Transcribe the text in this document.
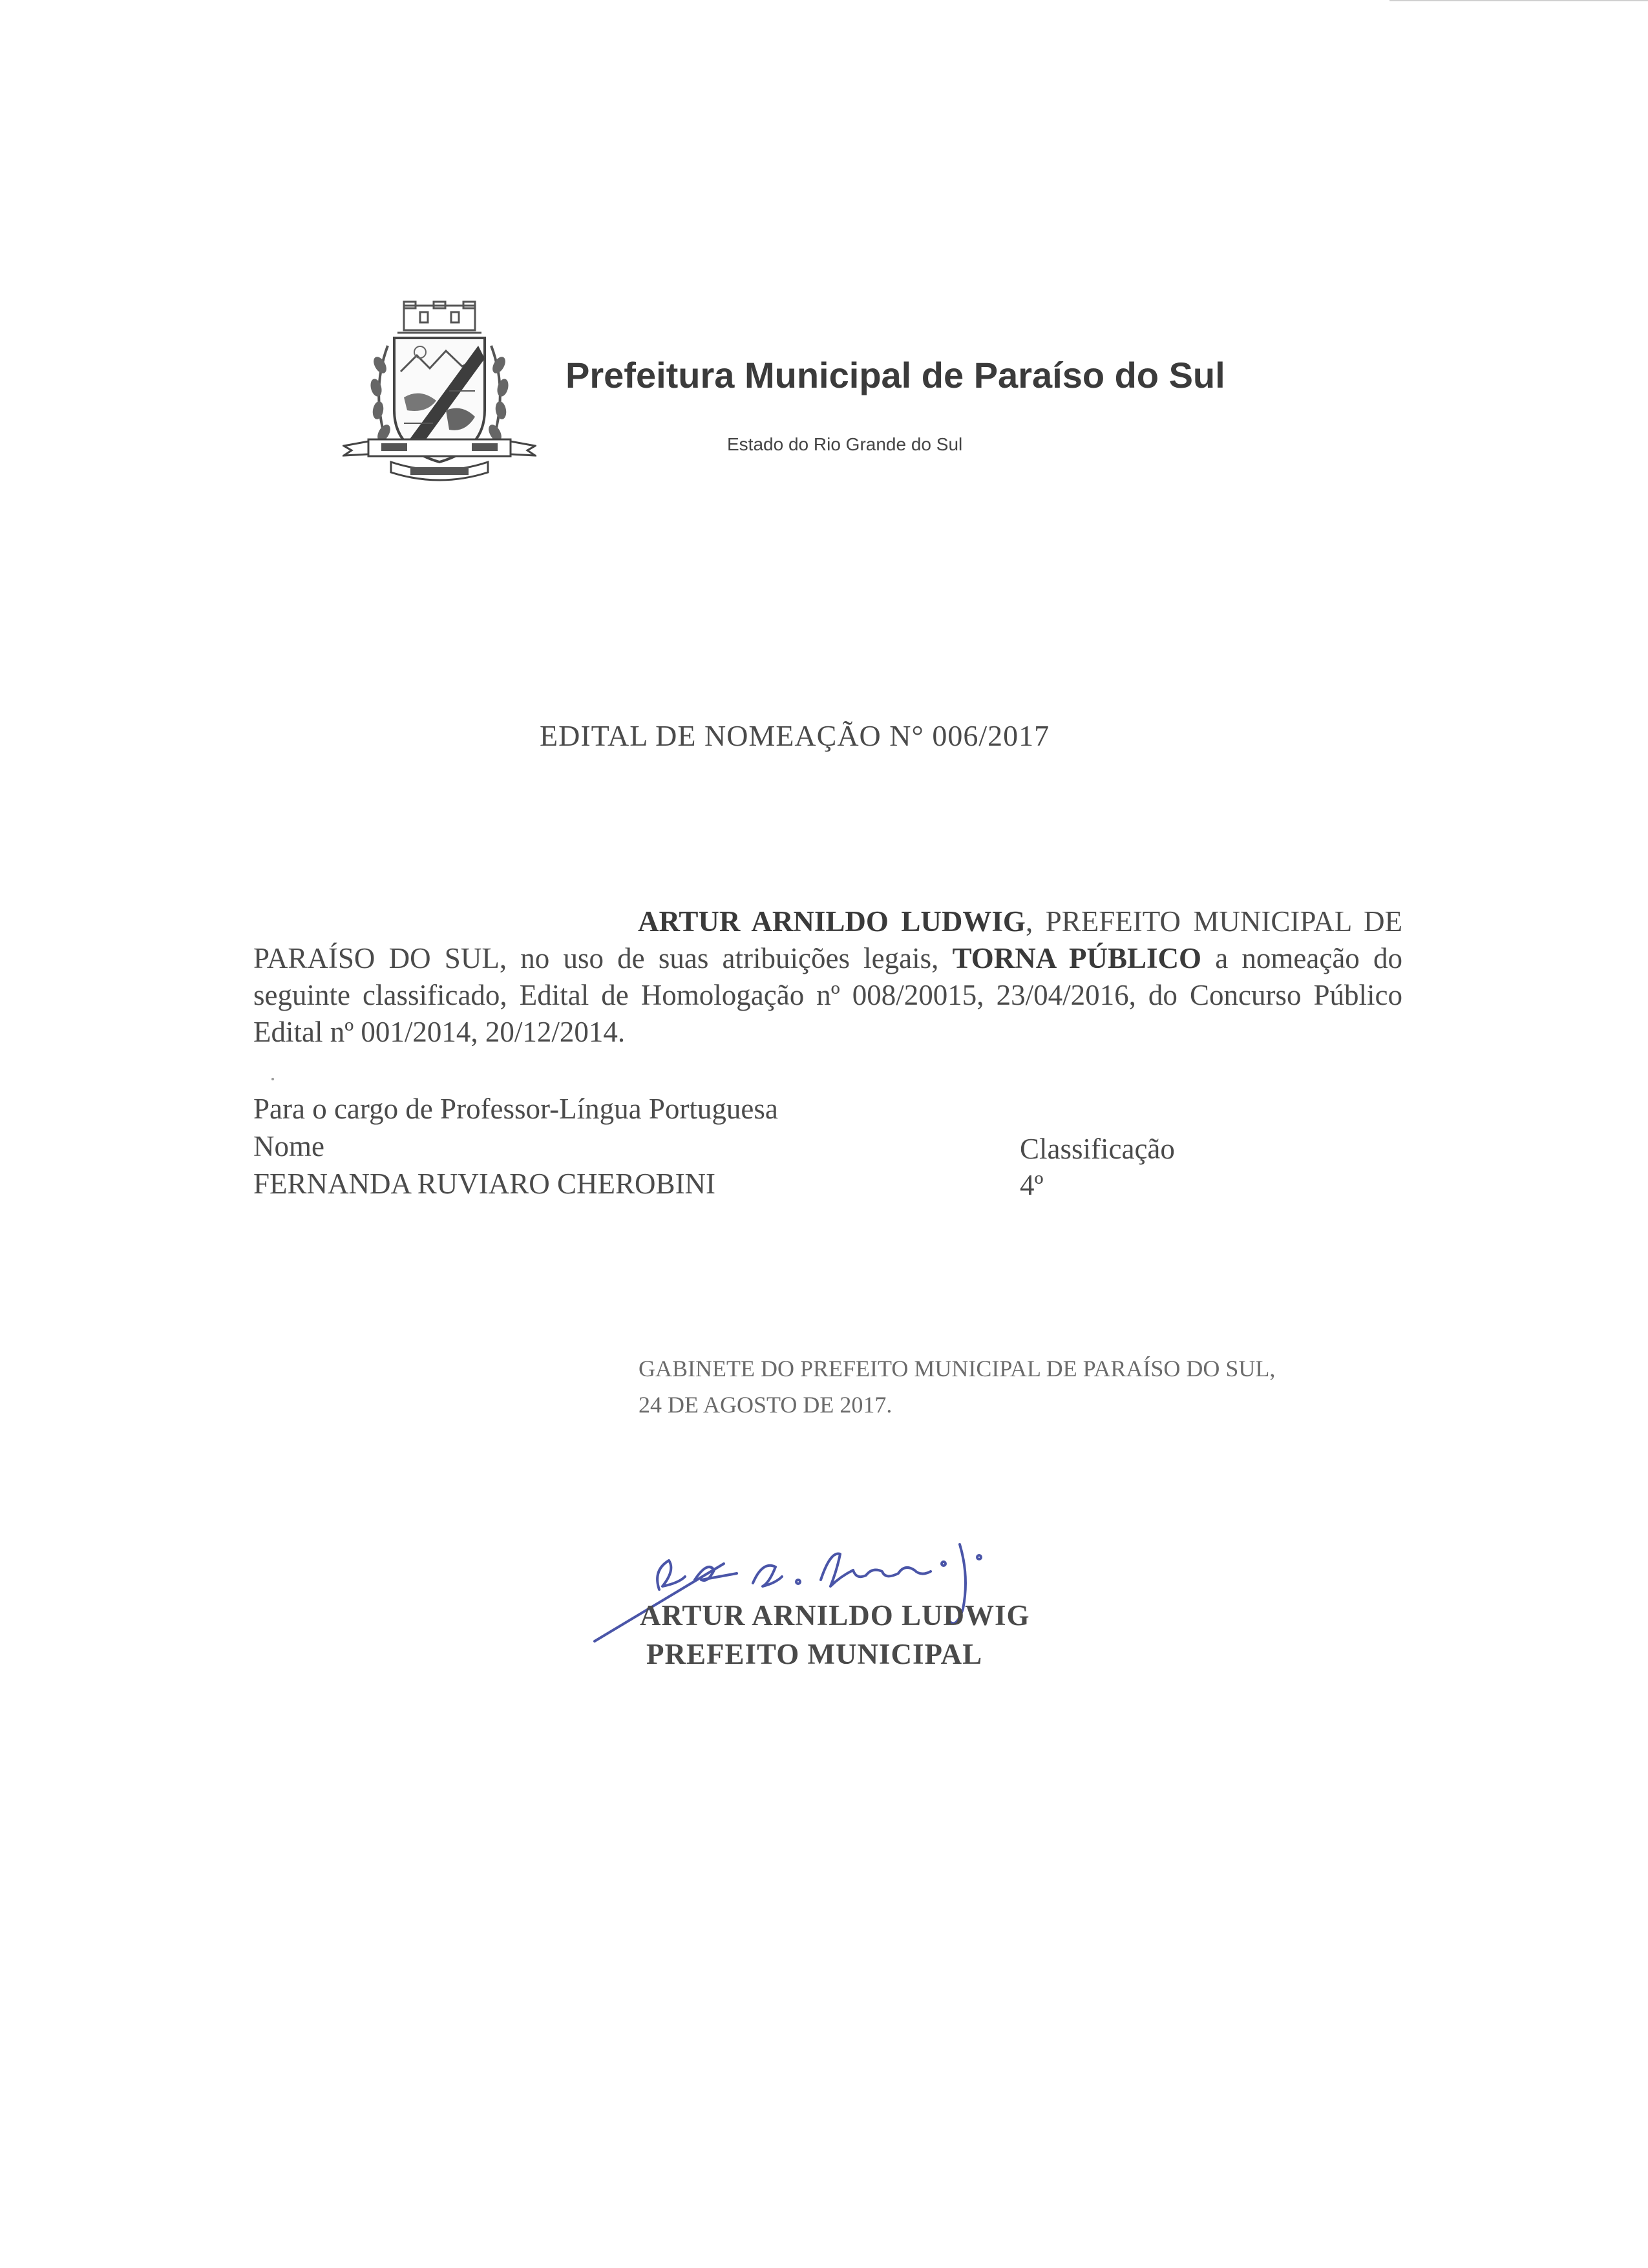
Prefeitura Municipal de Paraíso do Sul
Estado do Rio Grande do Sul
EDITAL DE NOMEAÇÃO N° 006/2017
ARTUR ARNILDO LUDWIG, PREFEITO MUNICIPAL DE PARAÍSO DO SUL, no uso de suas atribuições legais, TORNA PÚBLICO a nomeação do seguinte classificado, Edital de Homologação nº 008/20015, 23/04/2016, do Concurso Público Edital nº 001/2014, 20/12/2014.
Para o cargo de Professor-Língua Portuguesa
Nome	Classificação
FERNANDA RUVIARO CHEROBINI	4º
GABINETE DO PREFEITO MUNICIPAL DE PARAÍSO DO SUL,
24 DE AGOSTO DE 2017.
ARTUR ARNILDO LUDWIG
PREFEITO MUNICIPAL
